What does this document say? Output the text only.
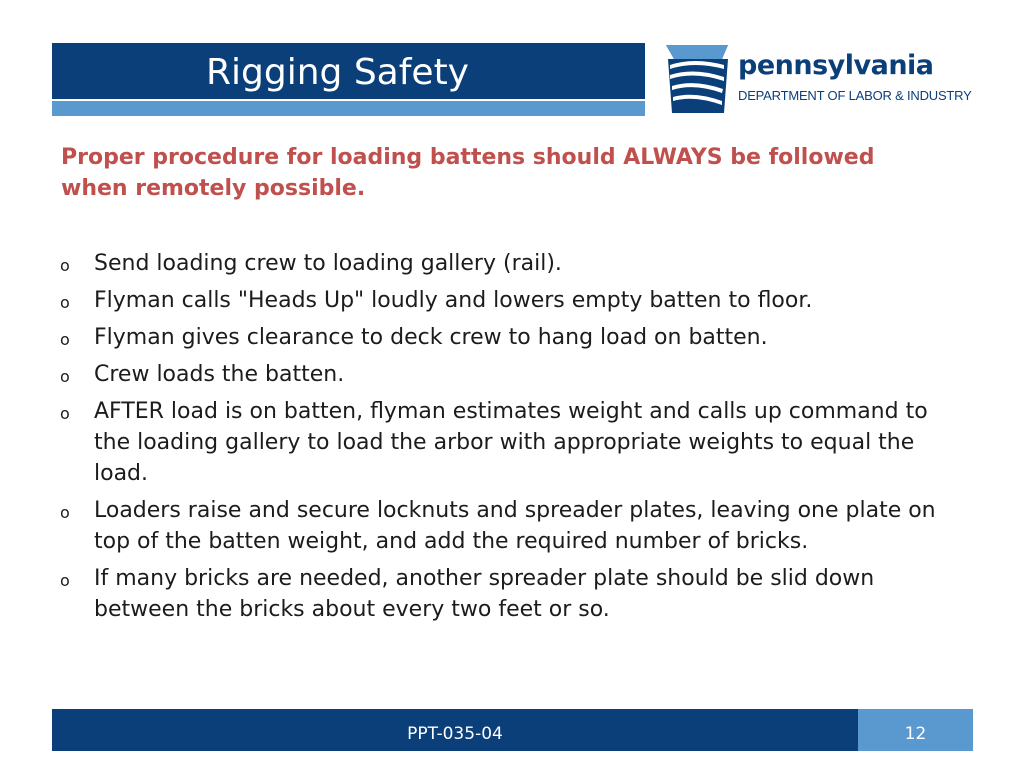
Rigging Safety	pennsylvania
DEPARTMENT OF LABOR & INDUSTRY

Proper procedure for loading battens should ALWAYS be followed when remotely possible.

o Send loading crew to loading gallery (rail).
o Flyman calls "Heads Up" loudly and lowers empty batten to floor.
o Flyman gives clearance to deck crew to hang load on batten.
o Crew loads the batten.
o AFTER load is on batten, flyman estimates weight and calls up command to the loading gallery to load the arbor with appropriate weights to equal the load.
o Loaders raise and secure locknuts and spreader plates, leaving one plate on top of the batten weight, and add the required number of bricks.
o If many bricks are needed, another spreader plate should be slid down between the bricks about every two feet or so.
PPT-035-04	12
